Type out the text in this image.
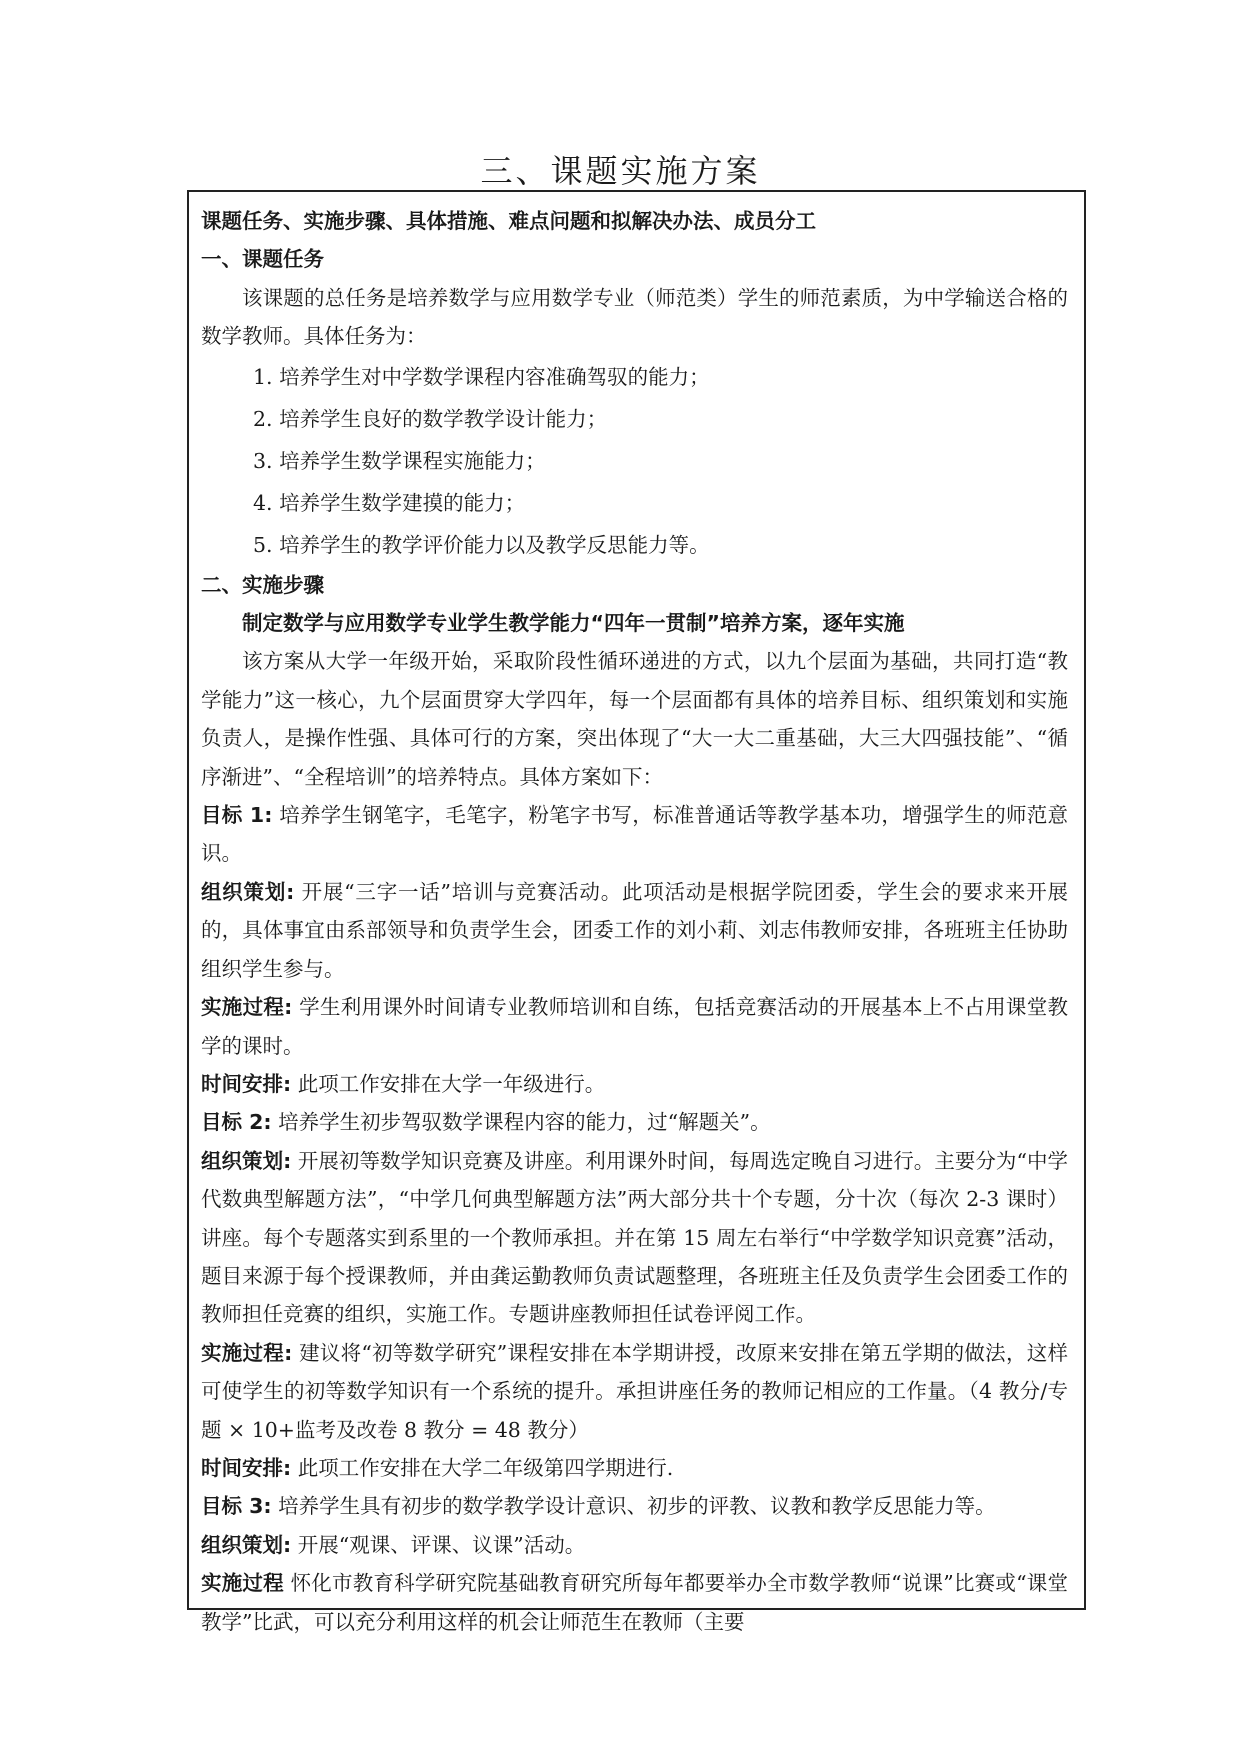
三、课题实施方案

课题任务、实施步骤、具体措施、难点问题和拟解决办法、成员分工

一、课题任务

该课题的总任务是培养数学与应用数学专业（师范类）学生的师范素质，为中学输送合格的数学教师。具体任务为：

1. 培养学生对中学数学课程内容准确驾驭的能力；

2. 培养学生良好的数学教学设计能力；

3. 培养学生数学课程实施能力；

4. 培养学生数学建摸的能力；

5. 培养学生的教学评价能力以及教学反思能力等。

二、实施步骤

制定数学与应用数学专业学生教学能力“四年一贯制”培养方案，逐年实施

该方案从大学一年级开始，采取阶段性循环递进的方式，以九个层面为基础，共同打造“教学能力”这一核心，九个层面贯穿大学四年，每一个层面都有具体的培养目标、组织策划和实施负责人，是操作性强、具体可行的方案，突出体现了“大一大二重基础，大三大四强技能”、“循序渐进”、“全程培训”的培养特点。具体方案如下：

目标 1: 培养学生钢笔字，毛笔字，粉笔字书写，标准普通话等教学基本功，增强学生的师范意识。

组织策划: 开展“三字一话”培训与竞赛活动。此项活动是根据学院团委，学生会的要求来开展的，具体事宜由系部领导和负责学生会，团委工作的刘小莉、刘志伟教师安排，各班班主任协助组织学生参与。

实施过程: 学生利用课外时间请专业教师培训和自练，包括竞赛活动的开展基本上不占用课堂教学的课时。

时间安排: 此项工作安排在大学一年级进行。

目标 2: 培养学生初步驾驭数学课程内容的能力，过“解题关”。

组织策划: 开展初等数学知识竞赛及讲座。利用课外时间，每周选定晚自习进行。主要分为“中学代数典型解题方法”，“中学几何典型解题方法”两大部分共十个专题，分十次（每次 2-3 课时）讲座。每个专题落实到系里的一个教师承担。并在第 15 周左右举行“中学数学知识竞赛”活动，题目来源于每个授课教师，并由龚运勤教师负责试题整理，各班班主任及负责学生会团委工作的教师担任竞赛的组织，实施工作。专题讲座教师担任试卷评阅工作。

实施过程: 建议将“初等数学研究”课程安排在本学期讲授，改原来安排在第五学期的做法，这样可使学生的初等数学知识有一个系统的提升。承担讲座任务的教师记相应的工作量。（4 教分/专题 × 10+监考及改卷 8 教分 = 48 教分）

时间安排: 此项工作安排在大学二年级第四学期进行.

目标 3: 培养学生具有初步的数学教学设计意识、初步的评教、议教和教学反思能力等。

组织策划: 开展“观课、评课、议课”活动。

实施过程 怀化市教育科学研究院基础教育研究所每年都要举办全市数学教师“说课”比赛或“课堂教学”比武，可以充分利用这样的机会让师范生在教师（主要
